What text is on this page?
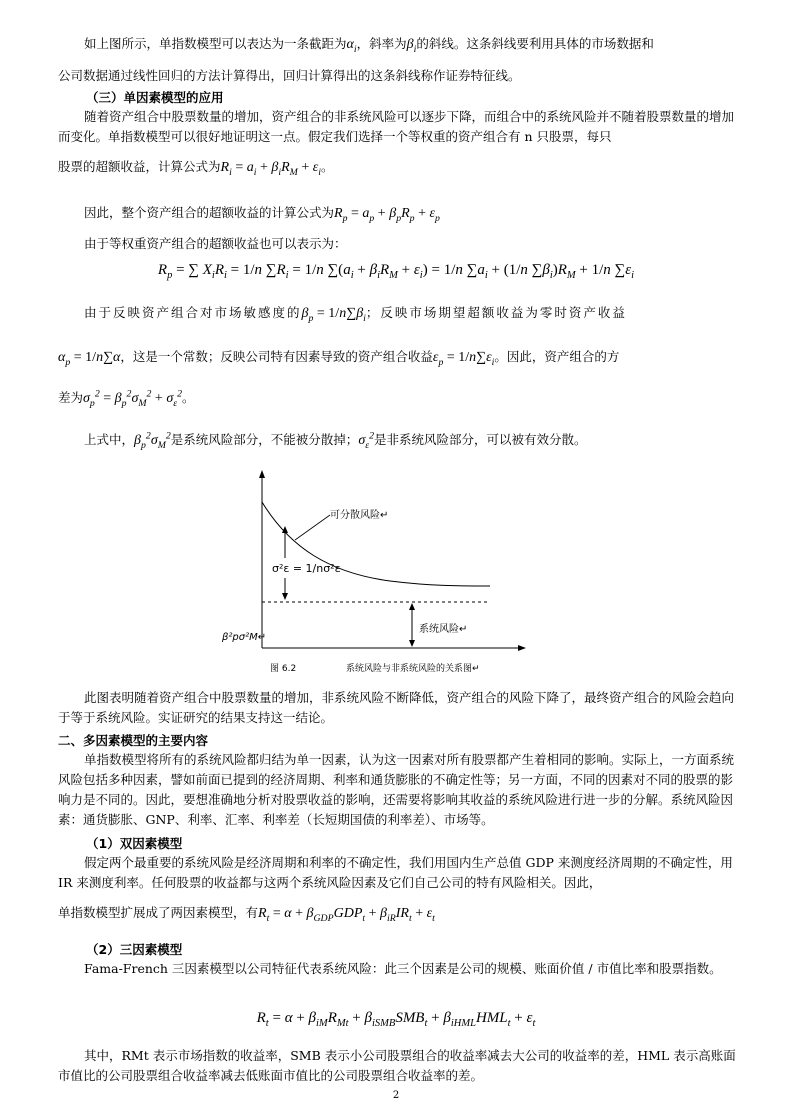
如上图所示，单指数模型可以表达为一条截距为$\alpha_i$，斜率为$\beta_i$的斜线。这条斜线要利用具体的市场数据和
公司数据通过线性回归的方法计算得出，回归计算得出的这条斜线称作证券特征线。
（三）单因素模型的应用

随着资产组合中股票数量的增加，资产组合的非系统风险可以逐步下降，而组合中的系统风险并不随着股票数量的增加而变化。单指数模型可以很好地证明这一点。假定我们选择一个等权重的资产组合有 n 只股票，每只

股票的超额收益，计算公式为$R_i = a_i + \beta_iR_M + \varepsilon_i$。
因此，整个资产组合的超额收益的计算公式为$R_p = a_p + \beta_pR_p + \varepsilon_p$
由于等权重资产组合的超额收益也可以表示为：
$R_p$ = ∑ $X_iR_i = 1/n$ $\sum R_i = 1/n$ $\sum(a_i + \beta_iR_M + \varepsilon_i) = 1/n$ $\sum a_i + (1/n$ $\sum\beta_i)R_M + 1/n$ $\sum\varepsilon_i$
由于反映资产组合对市场敏感度的$\beta_p = 1/n\sum\beta_i$；反映市场期望超额收益为零时资产收益
$\alpha_p = 1/n\sum\alpha$，这是一个常数；反映公司特有因素导致的资产组合收益$\varepsilon_p = 1/n\sum\varepsilon_i$。因此，资产组合的方
差为$\sigma_p^2 = \beta_p^2\sigma_M^2 + \sigma_\varepsilon^2$。
上式中，$\beta_p^2\sigma_M^2$是系统风险部分，不能被分散掉；$\sigma_\varepsilon^2$是非系统风险部分，可以被有效分散。
σ²ε = 1/nσ²ε
可分散风险↵
系统风险↵
β²pσ²M↵
图 6.2	系统风险与非系统风险的关系图↵

此图表明随着资产组合中股票数量的增加，非系统风险不断降低，资产组合的风险下降了，最终资产组合的风险会趋向于等于系统风险。实证研究的结果支持这一结论。

二、多因素模型的主要内容

单指数模型将所有的系统风险都归结为单一因素，认为这一因素对所有股票都产生着相同的影响。实际上，一方面系统风险包括多种因素，譬如前面已提到的经济周期、利率和通货膨胀的不确定性等；另一方面，不同的因素对不同的股票的影响力是不同的。因此，要想准确地分析对股票收益的影响，还需要将影响其收益的系统风险进行进一步的分解。系统风险因素：通货膨胀、GNP、利率、汇率、利率差（长短期国债的利率差）、市场等。

（1）双因素模型

假定两个最重要的系统风险是经济周期和利率的不确定性，我们用国内生产总值 GDP 来测度经济周期的不确定性，用 IR 来测度利率。任何股票的收益都与这两个系统风险因素及它们自己公司的特有风险相关。因此，

单指数模型扩展成了两因素模型，有$R_t = \alpha + \beta_{GDP}GDP_t + \beta_{iR}IR_t + \varepsilon_t$
（2）三因素模型

Fama-French 三因素模型以公司特征代表系统风险：此三个因素是公司的规模、账面价值 / 市值比率和股票指数。

$R_t = \alpha + \beta_{iM}R_{Mt} + \beta_{iSMB}SMB_t + \beta_{iHML}HML_t + \varepsilon_t$

其中，RMt 表示市场指数的收益率，SMB 表示小公司股票组合的收益率减去大公司的收益率的差，HML 表示高账面市值比的公司股票组合收益率减去低账面市值比的公司股票组合收益率的差。

2
